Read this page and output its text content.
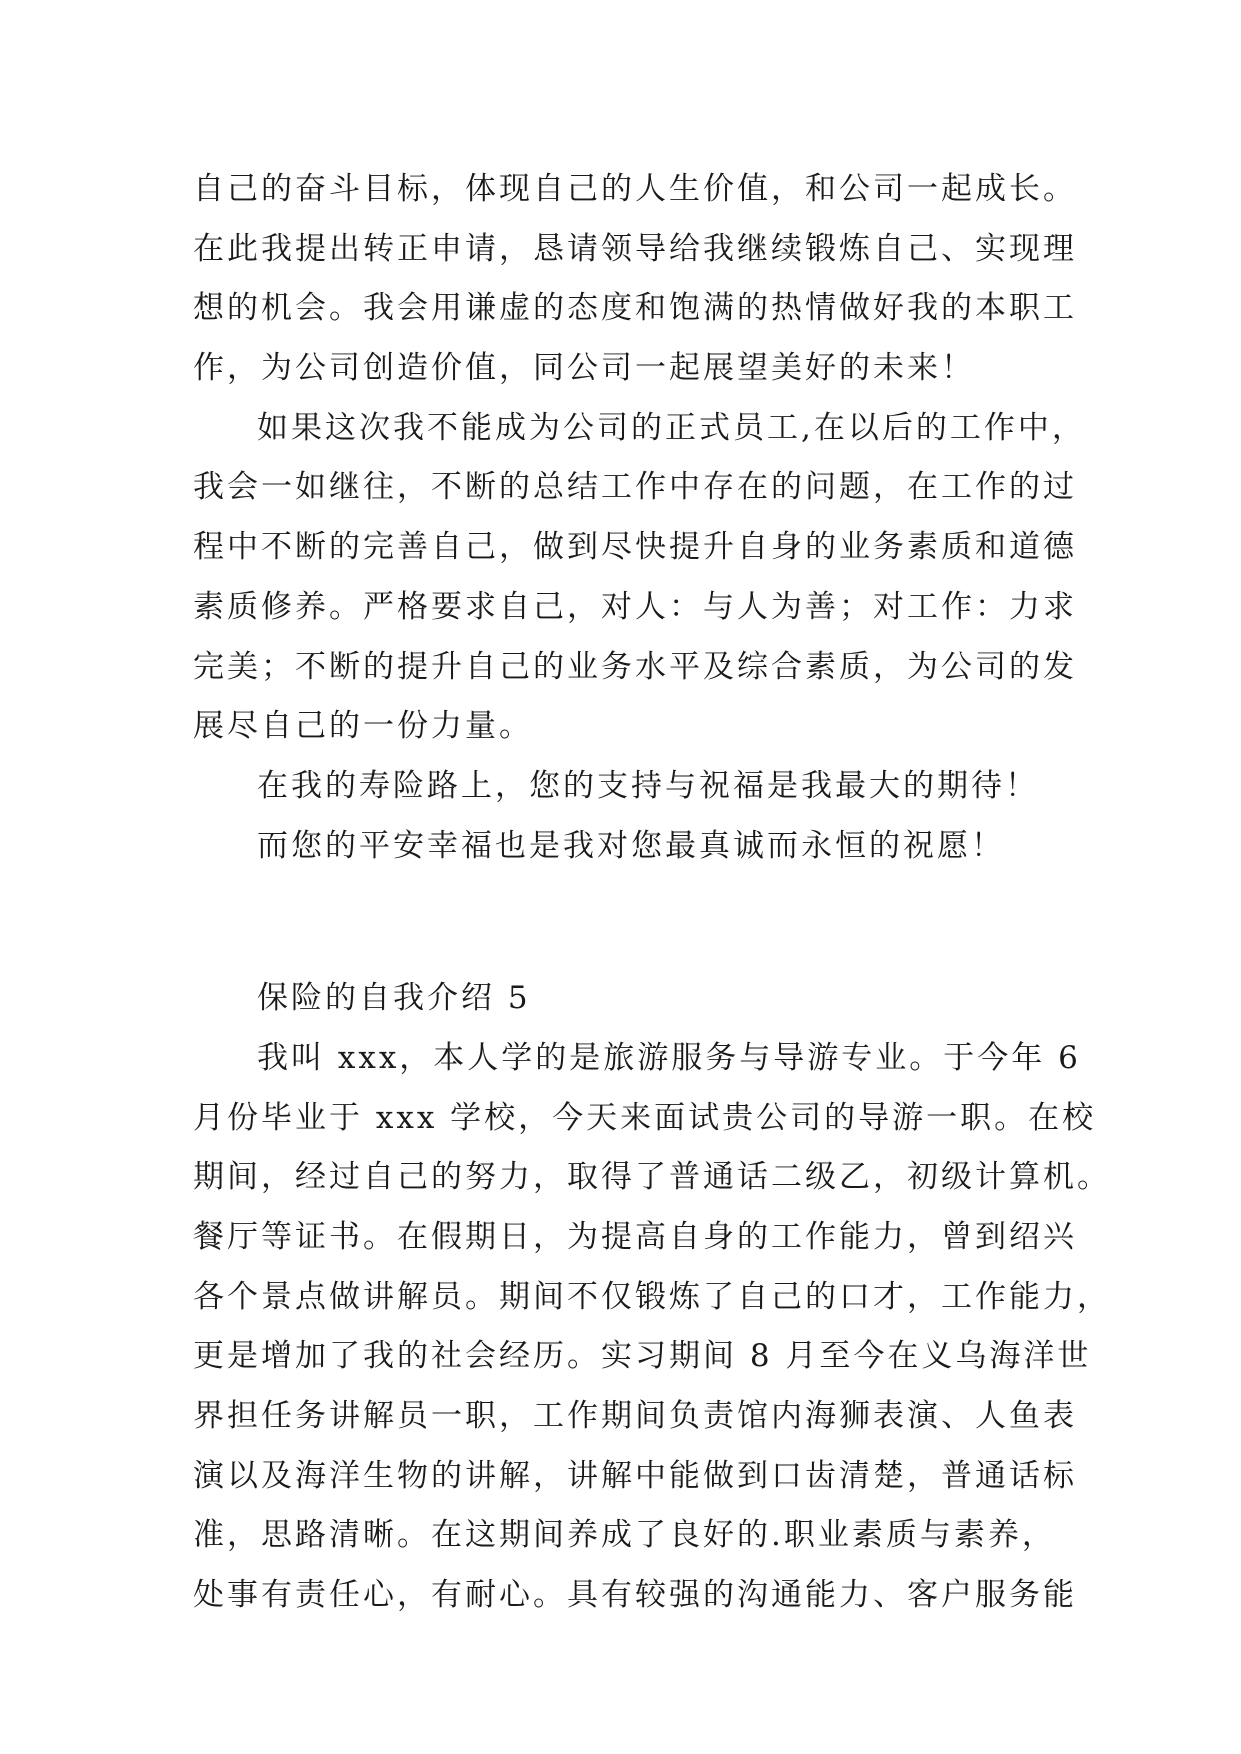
自己的奋斗目标，体现自己的人生价值，和公司一起成长。
在此我提出转正申请，恳请领导给我继续锻炼自己、实现理
想的机会。我会用谦虚的态度和饱满的热情做好我的本职工
作，为公司创造价值，同公司一起展望美好的未来！
如果这次我不能成为公司的正式员工,在以后的工作中，
我会一如继往，不断的总结工作中存在的问题，在工作的过
程中不断的完善自己，做到尽快提升自身的业务素质和道德
素质修养。严格要求自己，对人：与人为善；对工作：力求
完美；不断的提升自己的业务水平及综合素质，为公司的发
展尽自己的一份力量。
在我的寿险路上，您的支持与祝福是我最大的期待！
而您的平安幸福也是我对您最真诚而永恒的祝愿！
保险的自我介绍 5
我叫 xxx，本人学的是旅游服务与导游专业。于今年 6
月份毕业于 xxx 学校，今天来面试贵公司的导游一职。在校
期间，经过自己的努力，取得了普通话二级乙，初级计算机。
餐厅等证书。在假期日，为提高自身的工作能力，曾到绍兴
各个景点做讲解员。期间不仅锻炼了自己的口才，工作能力，
更是增加了我的社会经历。实习期间 8 月至今在义乌海洋世
界担任务讲解员一职，工作期间负责馆内海狮表演、人鱼表
演以及海洋生物的讲解，讲解中能做到口齿清楚，普通话标
准，思路清晰。在这期间养成了良好的.职业素质与素养，
处事有责任心，有耐心。具有较强的沟通能力、客户服务能
